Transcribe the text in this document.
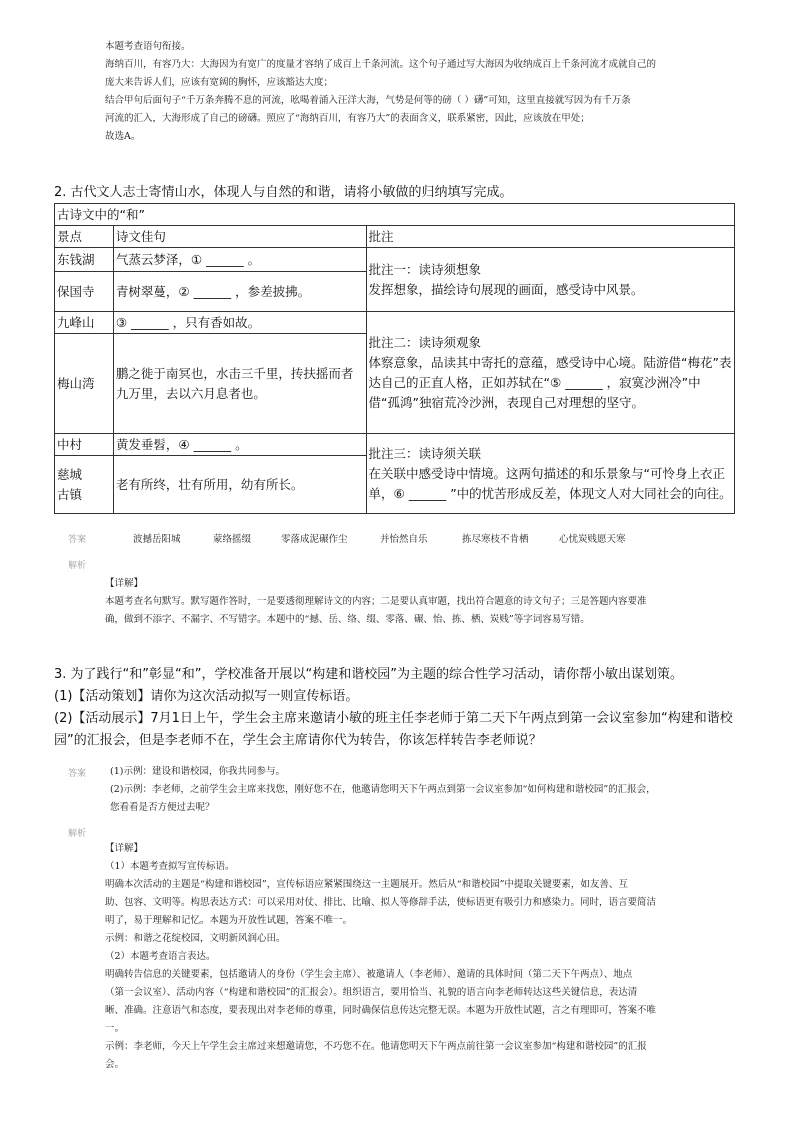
本题考查语句衔接。

海纳百川，有容乃大：大海因为有宽广的度量才容纳了成百上千条河流。这个句子通过写大海因为收纳成百上千条河流才成就自己的

庞大来告诉人们，应该有宽阔的胸怀，应该豁达大度；

结合甲句后面句子“千万条奔腾不息的河流，吆喝着涌入汪洋大海，气势是何等的磅（ ）礴”可知，这里直接就写因为有千万条

河流的汇入，大海形成了自己的磅礴。照应了“海纳百川，有容乃大”的表面含义，联系紧密，因此，应该放在甲处；

故选A。

2. 古代文人志士寄情山水，体现人与自然的和谐，请将小敏做的归纳填写完成。
古诗文中的“和”		
景点	诗文佳句	批注
东钱湖	气蒸云梦泽，① ______ 。	批注一：读诗须想象
发挥想象，描绘诗句展现的画面，感受诗中风景。

保国寺	青树翠蔓，② ______ ，参差披拂。	
九峰山	③ ______ ，只有香如故。	批注二：读诗须观象
体察意象，品读其中寄托的意蕴，感受诗中心境。陆游借“梅花”表达自己的正直人格，正如苏轼在“⑤ ______ ，寂寞沙洲冷”中借“孤鸿”独宿荒冷沙洲，表现自己对理想的坚守。

梅山湾	鹏之徙于南冥也，水击三千里，抟扶摇而者九万里，去以六月息者也。	
中村	黄发垂髫，④ ______ 。	批注三：读诗须关联
在关联中感受诗中情境。这两句描述的和乐景象与“可怜身上衣正单，⑥ ______ ”中的忧苦形成反差，体现文人对大同社会的向往。

慈城
古镇	老有所终，壮有所用，幼有所长。	
答案	波撼岳阳城	蒙络摇缀	零落成泥碾作尘	并怡然自乐	拣尽寒枝不肯栖	心忧炭贱愿天寒
解析

【详解】

本题考查名句默写。默写题作答时，一是要透彻理解诗文的内容；二是要认真审题，找出符合题意的诗文句子；三是答题内容要准

确，做到不添字、不漏字、不写错字。本题中的“撼、岳、络、缀、零落、碾、怡、拣、栖、炭贱”等字词容易写错。

3. 为了践行“和”彰显“和”，学校准备开展以“构建和谐校园”为主题的综合性学习活动，请你帮小敏出谋划策。
(1)【活动策划】请你为这次活动拟写一则宣传标语。
(2)【活动展示】7月1日上午，学生会主席来邀请小敏的班主任李老师于第二天下午两点到第一会议室参加“构建和谐校
园”的汇报会，但是李老师不在，学生会主席请你代为转告，你该怎样转告李老师说？
答案	(1)示例：建设和谐校园，你我共同参与。

(2)示例：李老师，之前学生会主席来找您，刚好您不在，他邀请您明天下午两点到第一会议室参加“如何构建和谐校园”的汇报会，

您看看是否方便过去呢？

解析

【详解】

（1）本题考查拟写宣传标语。

明确本次活动的主题是“构建和谐校园”，宣传标语应紧紧围绕这一主题展开。然后从“和谐校园”中提取关键要素，如友善、互

助、包容、文明等。构思表达方式：可以采用对仗、排比、比喻、拟人等修辞手法，使标语更有吸引力和感染力。同时，语言要简洁

明了，易于理解和记忆。本题为开放性试题，答案不唯一。

示例：和谐之花绽校园，文明新风润心田。

（2）本题考查语言表达。

明确转告信息的关键要素，包括邀请人的身份（学生会主席）、被邀请人（李老师）、邀请的具体时间（第二天下午两点）、地点

（第一会议室）、活动内容（“构建和谐校园”的汇报会）。组织语言，要用恰当、礼貌的语言向李老师转达这些关键信息，表达清

晰、准确。注意语气和态度，要表现出对李老师的尊重，同时确保信息传达完整无误。本题为开放性试题，言之有理即可，答案不唯

一。

示例：李老师，今天上午学生会主席过来想邀请您，不巧您不在。他请您明天下午两点前往第一会议室参加“构建和谐校园”的汇报

会。
